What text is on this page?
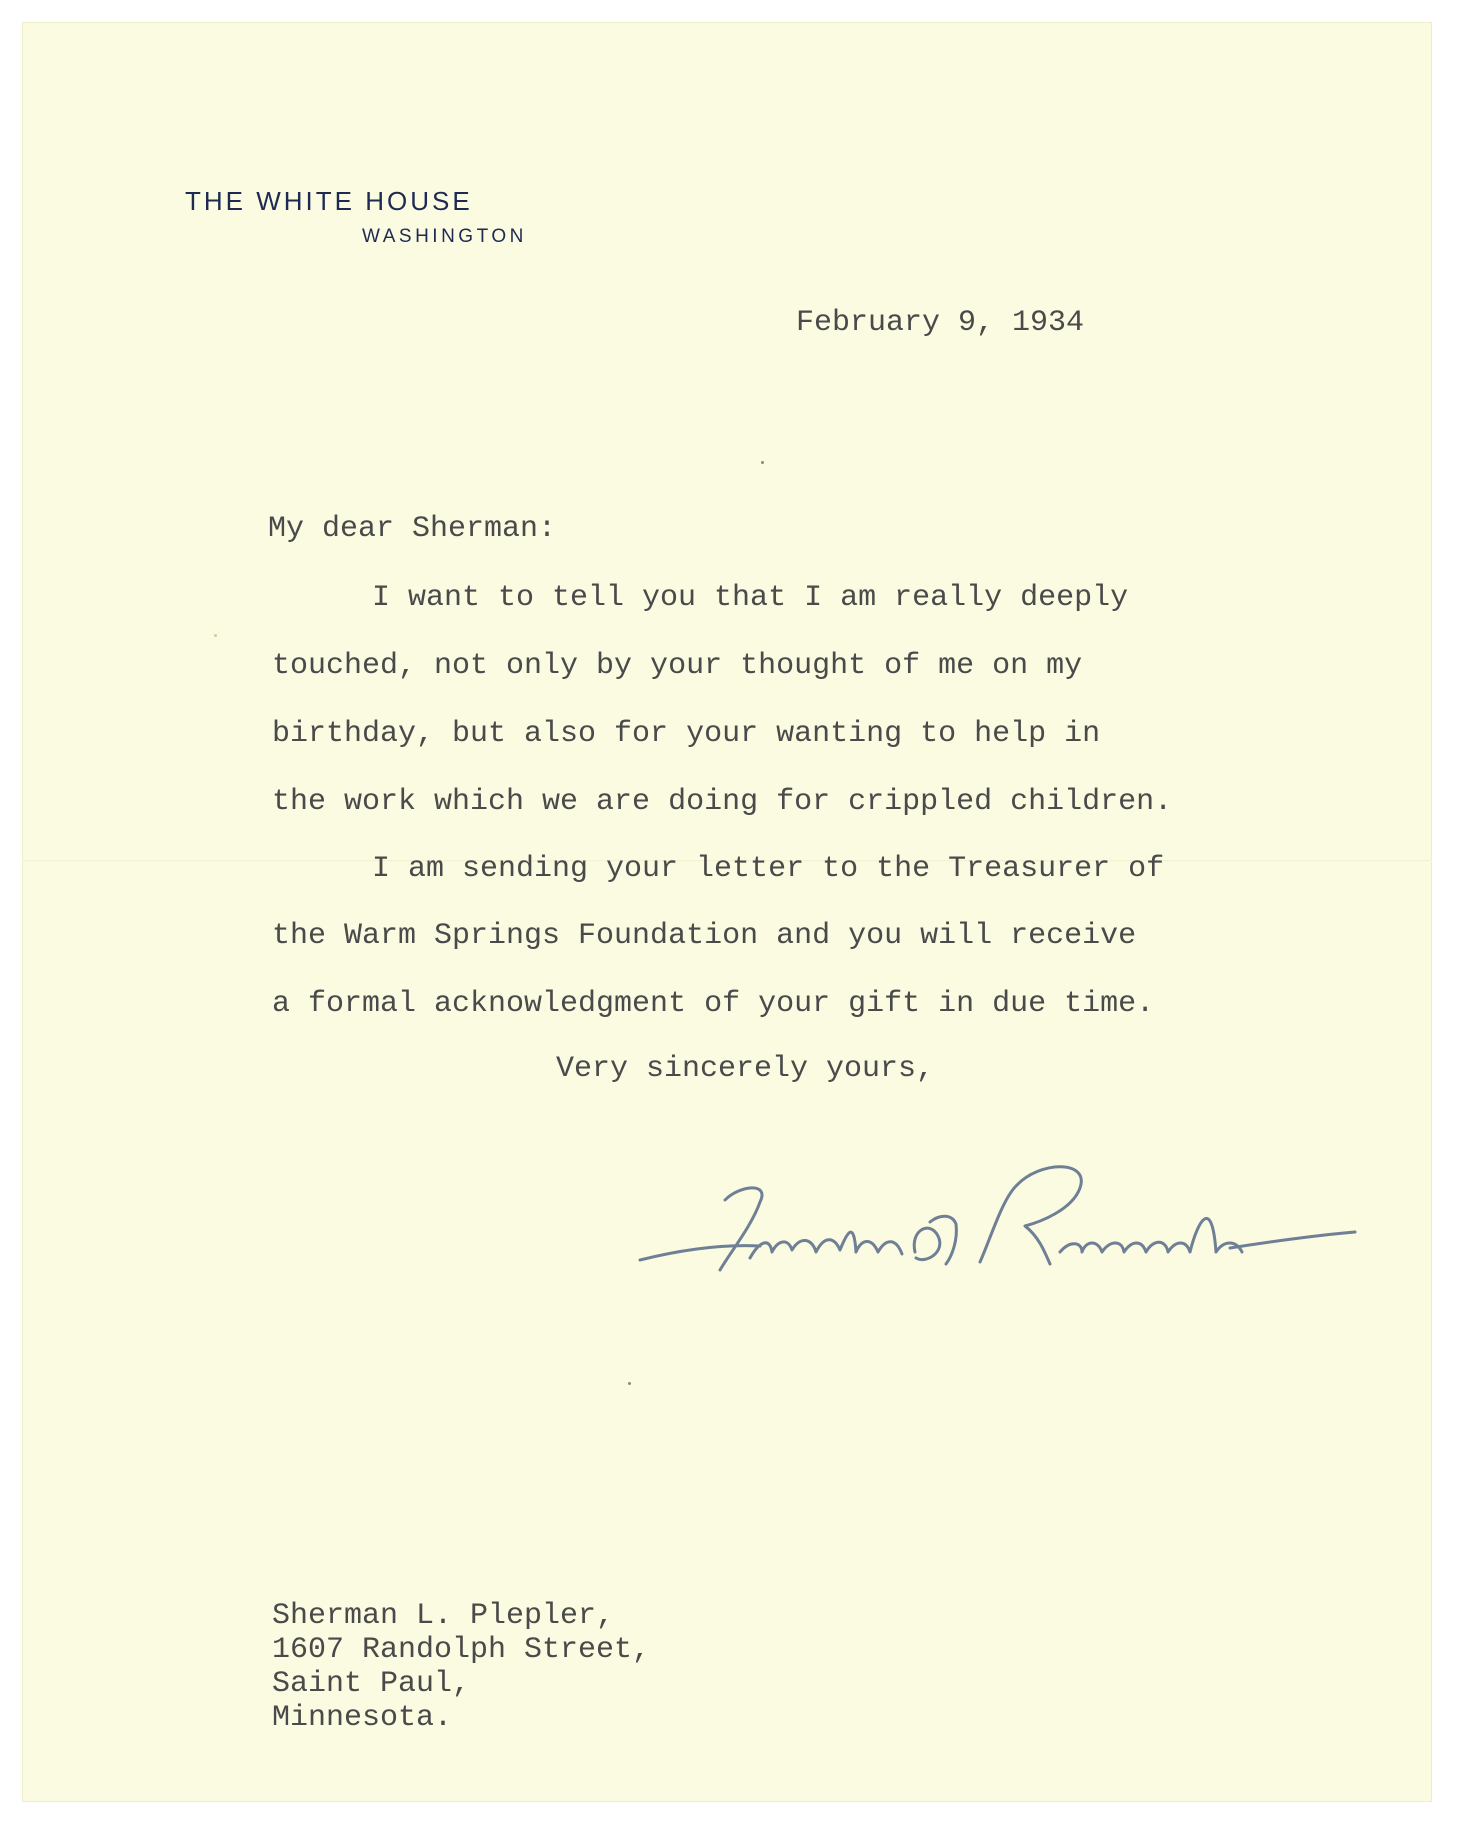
THE WHITE HOUSE
WASHINGTON
February 9, 1934
My dear Sherman:
I want to tell you that I am really deeply
touched, not only by your thought of me on my
birthday, but also for your wanting to help in
the work which we are doing for crippled children.
I am sending your letter to the Treasurer of
the Warm Springs Foundation and you will receive
a formal acknowledgment of your gift in due time.
Very sincerely yours,
Sherman L. Plepler,
1607 Randolph Street,
Saint Paul,
Minnesota.
